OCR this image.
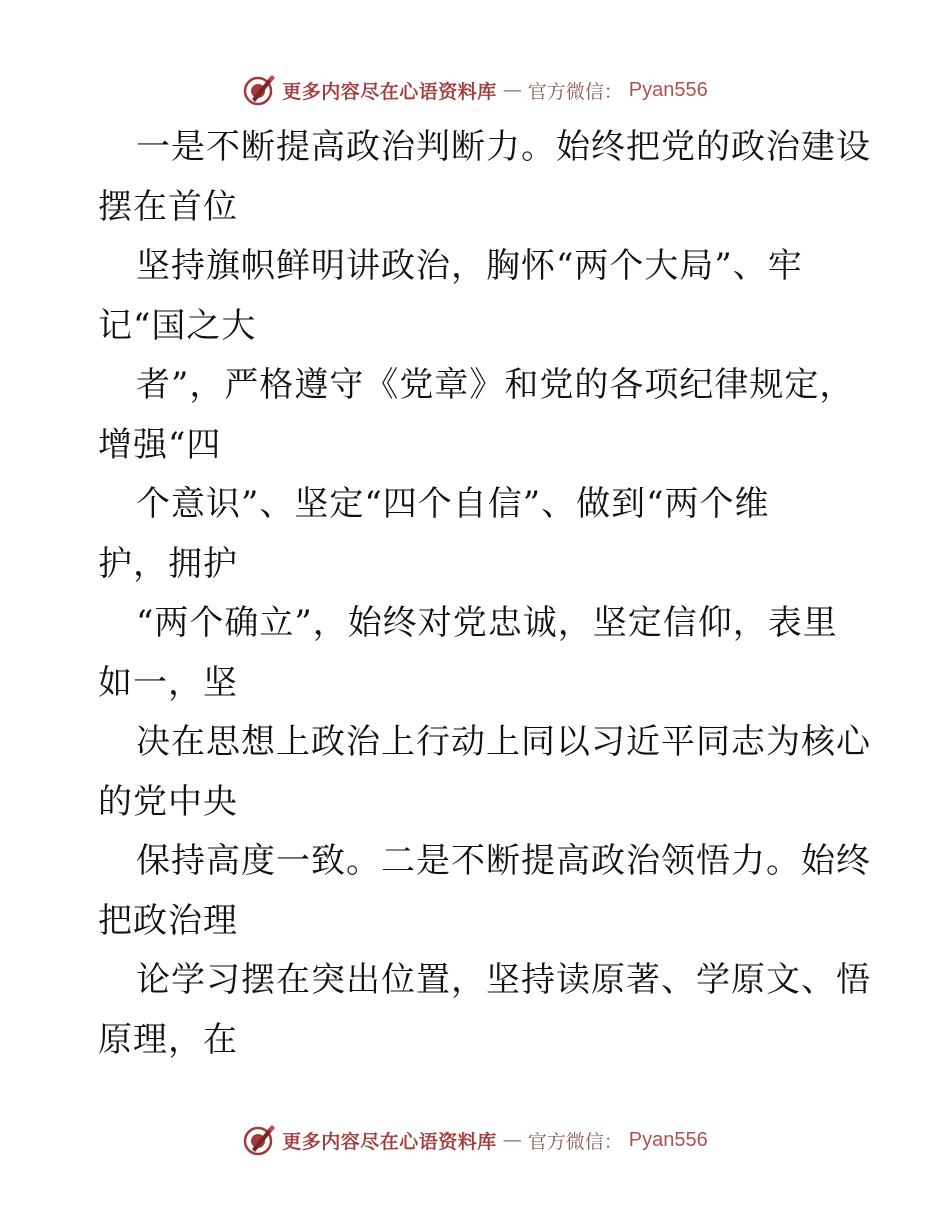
更多内容尽在心语资料库 — 官方微信： Pyan556
一是不断提高政治判断力。始终把党的政治建设
摆在首位
坚持旗帜鲜明讲政治，胸怀“两个大局”、牢
记“国之大
者”，严格遵守《党章》和党的各项纪律规定，
增强“四
个意识”、坚定“四个自信”、做到“两个维
护，拥护
“两个确立”，始终对党忠诚，坚定信仰，表里
如一，坚
决在思想上政治上行动上同以习近平同志为核心
的党中央
保持高度一致。二是不断提高政治领悟力。始终
把政治理
论学习摆在突出位置，坚持读原著、学原文、悟
原理，在
更多内容尽在心语资料库 — 官方微信： Pyan556
